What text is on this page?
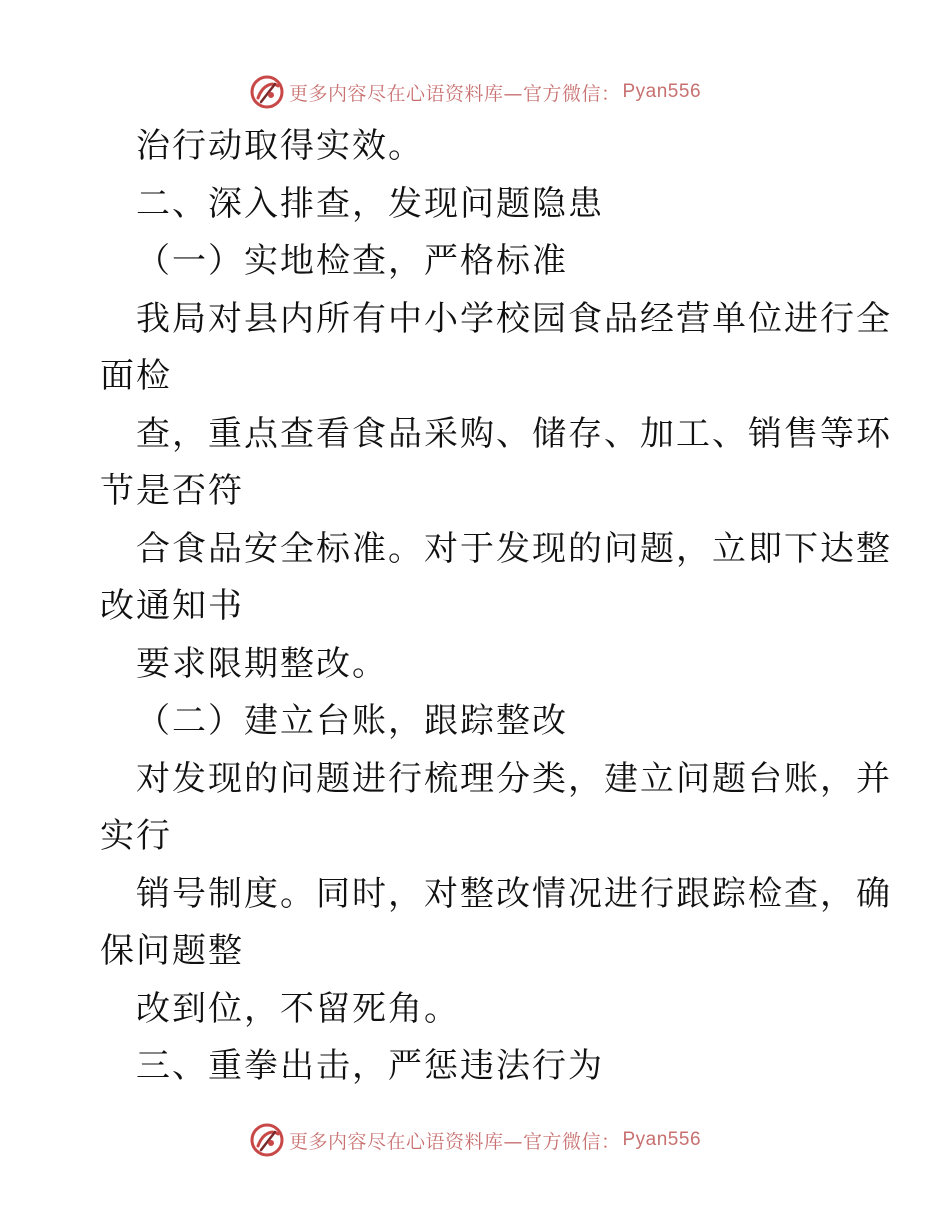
更多内容尽在心语资料库—官方微信： Pyan556
治行动取得实效。
二、深入排查，发现问题隐患
（一）实地检查，严格标准
我局对县内所有中小学校园食品经营单位进行全
面检
查，重点查看食品采购、储存、加工、销售等环
节是否符
合食品安全标准。对于发现的问题，立即下达整
改通知书
要求限期整改。
（二）建立台账，跟踪整改
对发现的问题进行梳理分类，建立问题台账，并
实行
销号制度。同时，对整改情况进行跟踪检查，确
保问题整
改到位，不留死角。
三、重拳出击，严惩违法行为
更多内容尽在心语资料库—官方微信： Pyan556
